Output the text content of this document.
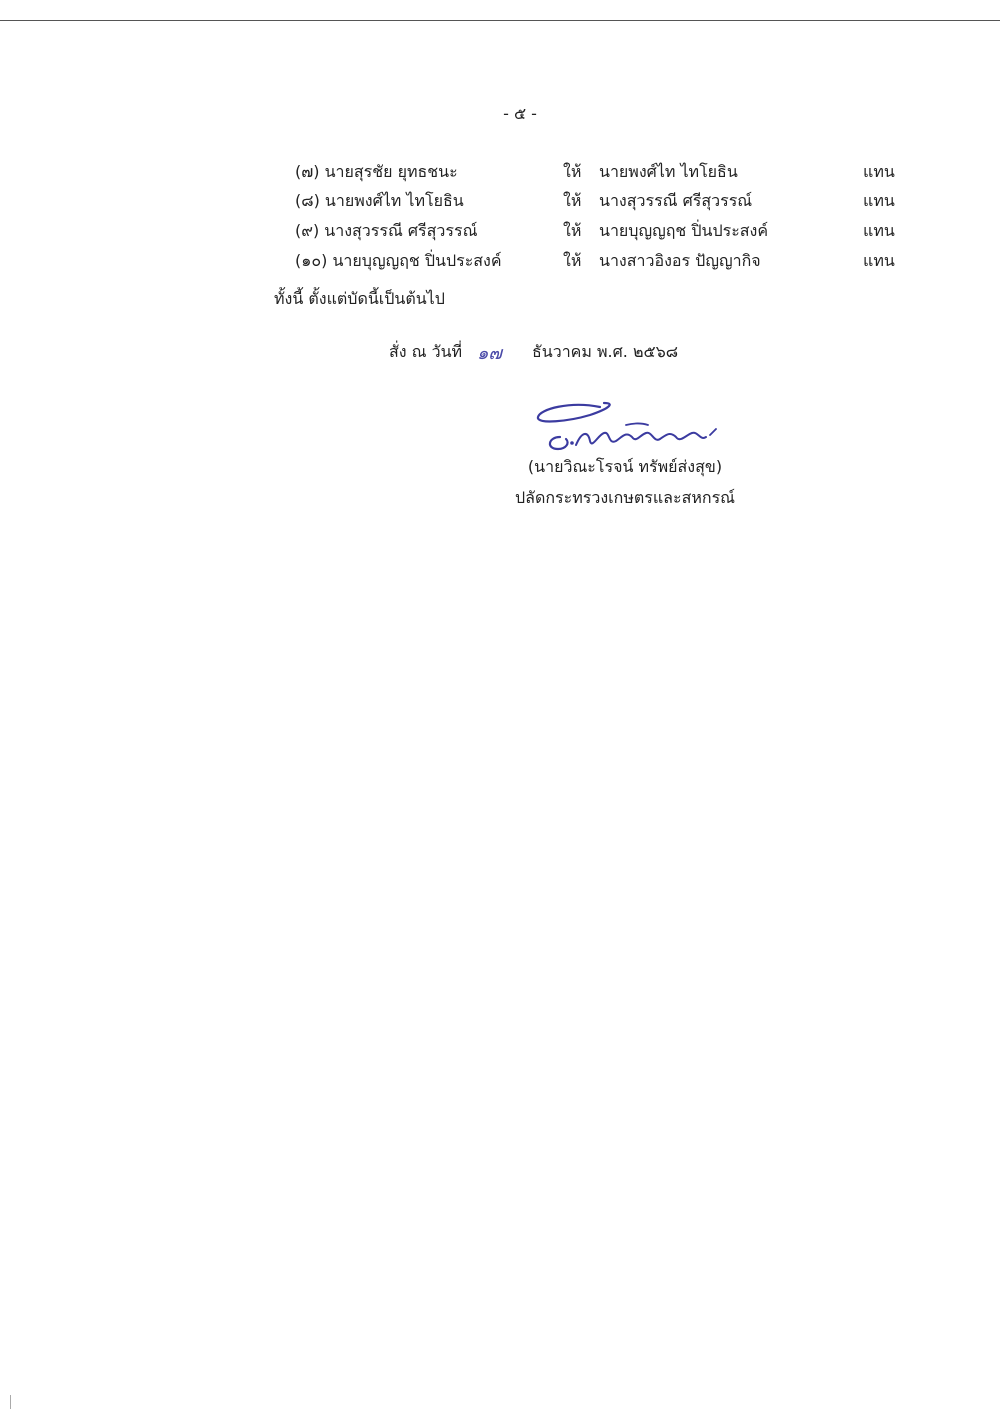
- ๕ -
(๗) นายสุรชัย ยุทธชนะ	ให้ นายพงศ์ไท ไทโยธิน	แทน
(๘) นายพงศ์ไท ไทโยธิน	ให้ นางสุวรรณี ศรีสุวรรณ์	แทน
(๙) นางสุวรรณี ศรีสุวรรณ์	ให้ นายบุญญฤช ปิ่นประสงค์	แทน
(๑๐) นายบุญญฤช ปิ่นประสงค์	ให้ นางสาวอิงอร ปัญญากิจ	แทน
ทั้งนี้ ตั้งแต่บัดนี้เป็นต้นไป
สั่ง ณ วันที่ ๑๗ ธันวาคม พ.ศ. ๒๕๖๘
(นายวิณะโรจน์ ทรัพย์ส่งสุข)
ปลัดกระทรวงเกษตรและสหกรณ์
